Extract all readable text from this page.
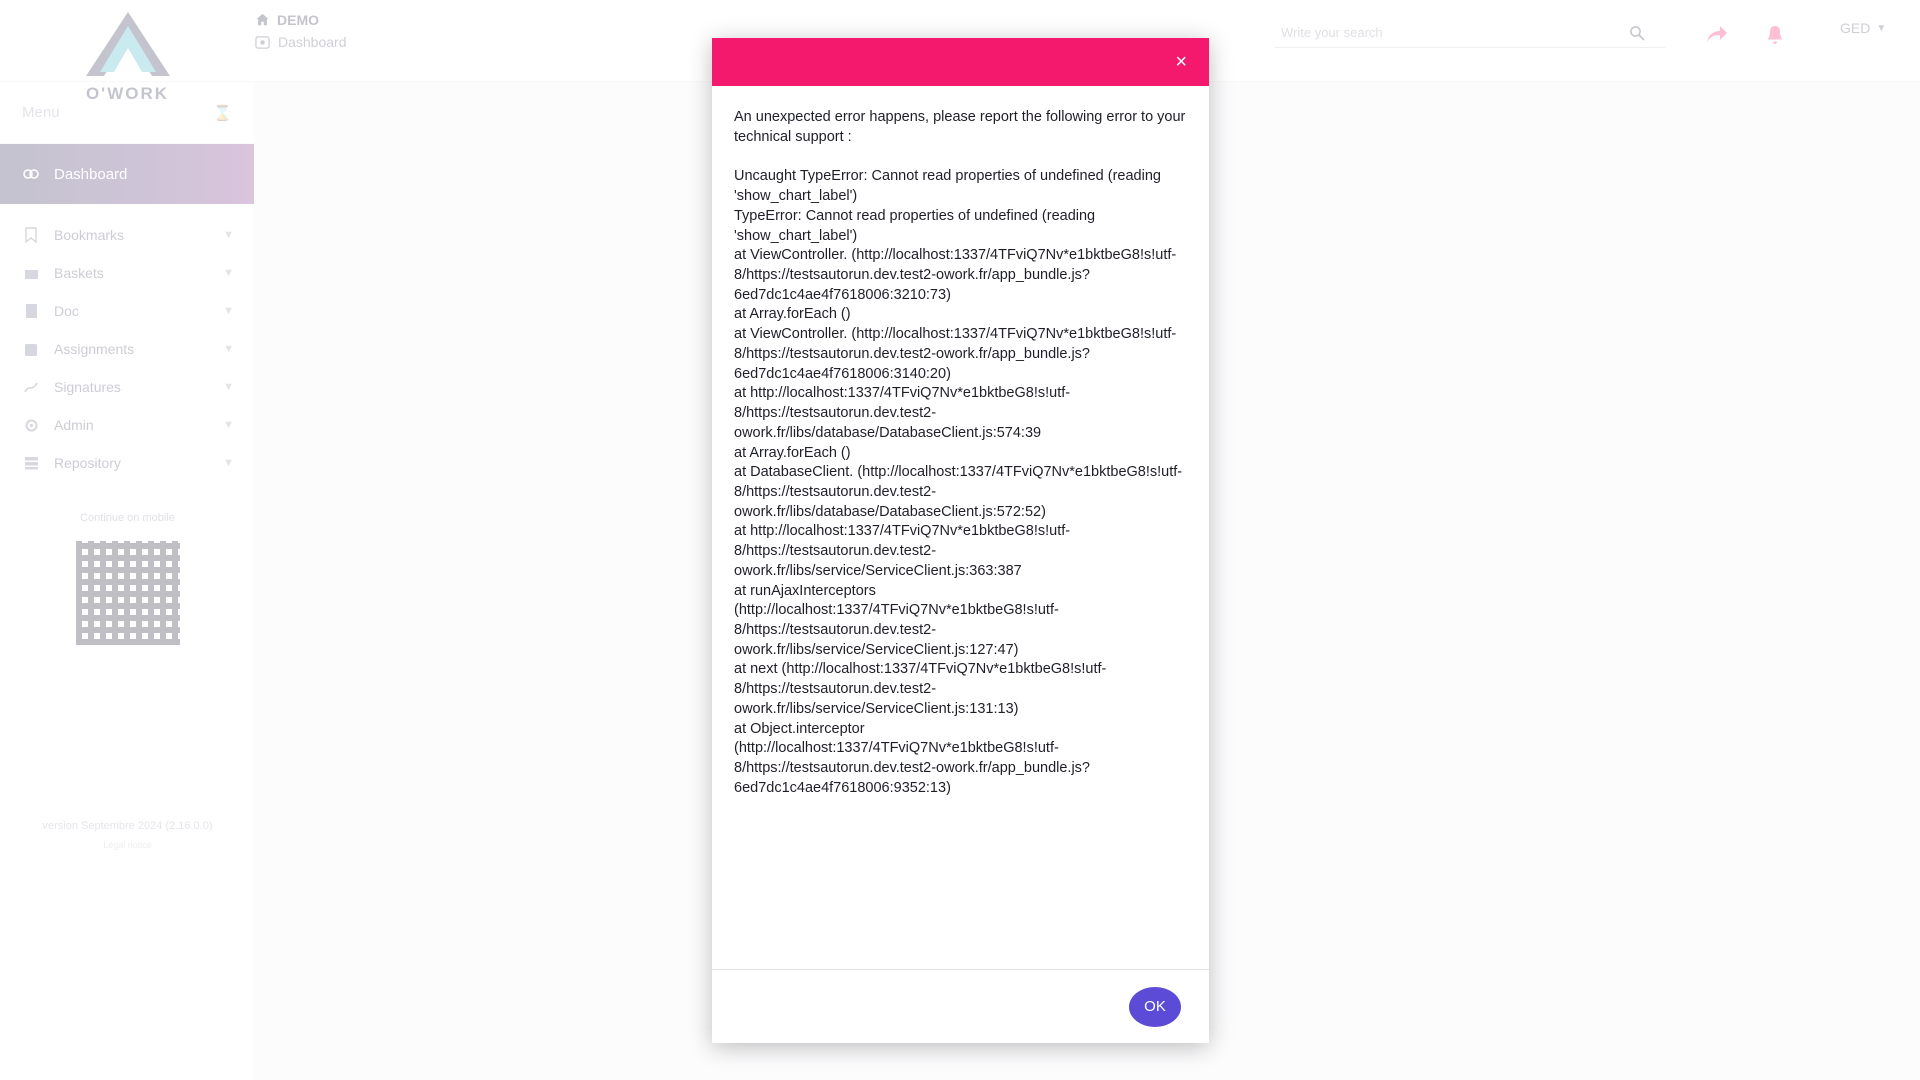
Write your search
×

An unexpected error happens, please report the following error to your technical support :

Uncaught TypeError: Cannot read properties of undefined (reading 'show_chart_label')
TypeError: Cannot read properties of undefined (reading 'show_chart_label')
at ViewController. (http://localhost:1337/4TFviQ7Nv*e1bktbeG8!s!utf-8/https://testsautorun.dev.test2-owork.fr/app_bundle.js?6ed7dc1c4ae4f7618006:3210:73)
at Array.forEach ()
at ViewController. (http://localhost:1337/4TFviQ7Nv*e1bktbeG8!s!utf-8/https://testsautorun.dev.test2-owork.fr/app_bundle.js?6ed7dc1c4ae4f7618006:3140:20)
at http://localhost:1337/4TFviQ7Nv*e1bktbeG8!s!utf-8/https://testsautorun.dev.test2-owork.fr/libs/database/DatabaseClient.js:574:39
at Array.forEach ()
at DatabaseClient. (http://localhost:1337/4TFviQ7Nv*e1bktbeG8!s!utf-8/https://testsautorun.dev.test2-owork.fr/libs/database/DatabaseClient.js:572:52)
at http://localhost:1337/4TFviQ7Nv*e1bktbeG8!s!utf-8/https://testsautorun.dev.test2-owork.fr/libs/service/ServiceClient.js:363:387
at runAjaxInterceptors (http://localhost:1337/4TFviQ7Nv*e1bktbeG8!s!utf-8/https://testsautorun.dev.test2-owork.fr/libs/service/ServiceClient.js:127:47)
at next (http://localhost:1337/4TFviQ7Nv*e1bktbeG8!s!utf-8/https://testsautorun.dev.test2-owork.fr/libs/service/ServiceClient.js:131:13)
at Object.interceptor (http://localhost:1337/4TFviQ7Nv*e1bktbeG8!s!utf-8/https://testsautorun.dev.test2-owork.fr/app_bundle.js?6ed7dc1c4ae4f7618006:9352:13)
OK
